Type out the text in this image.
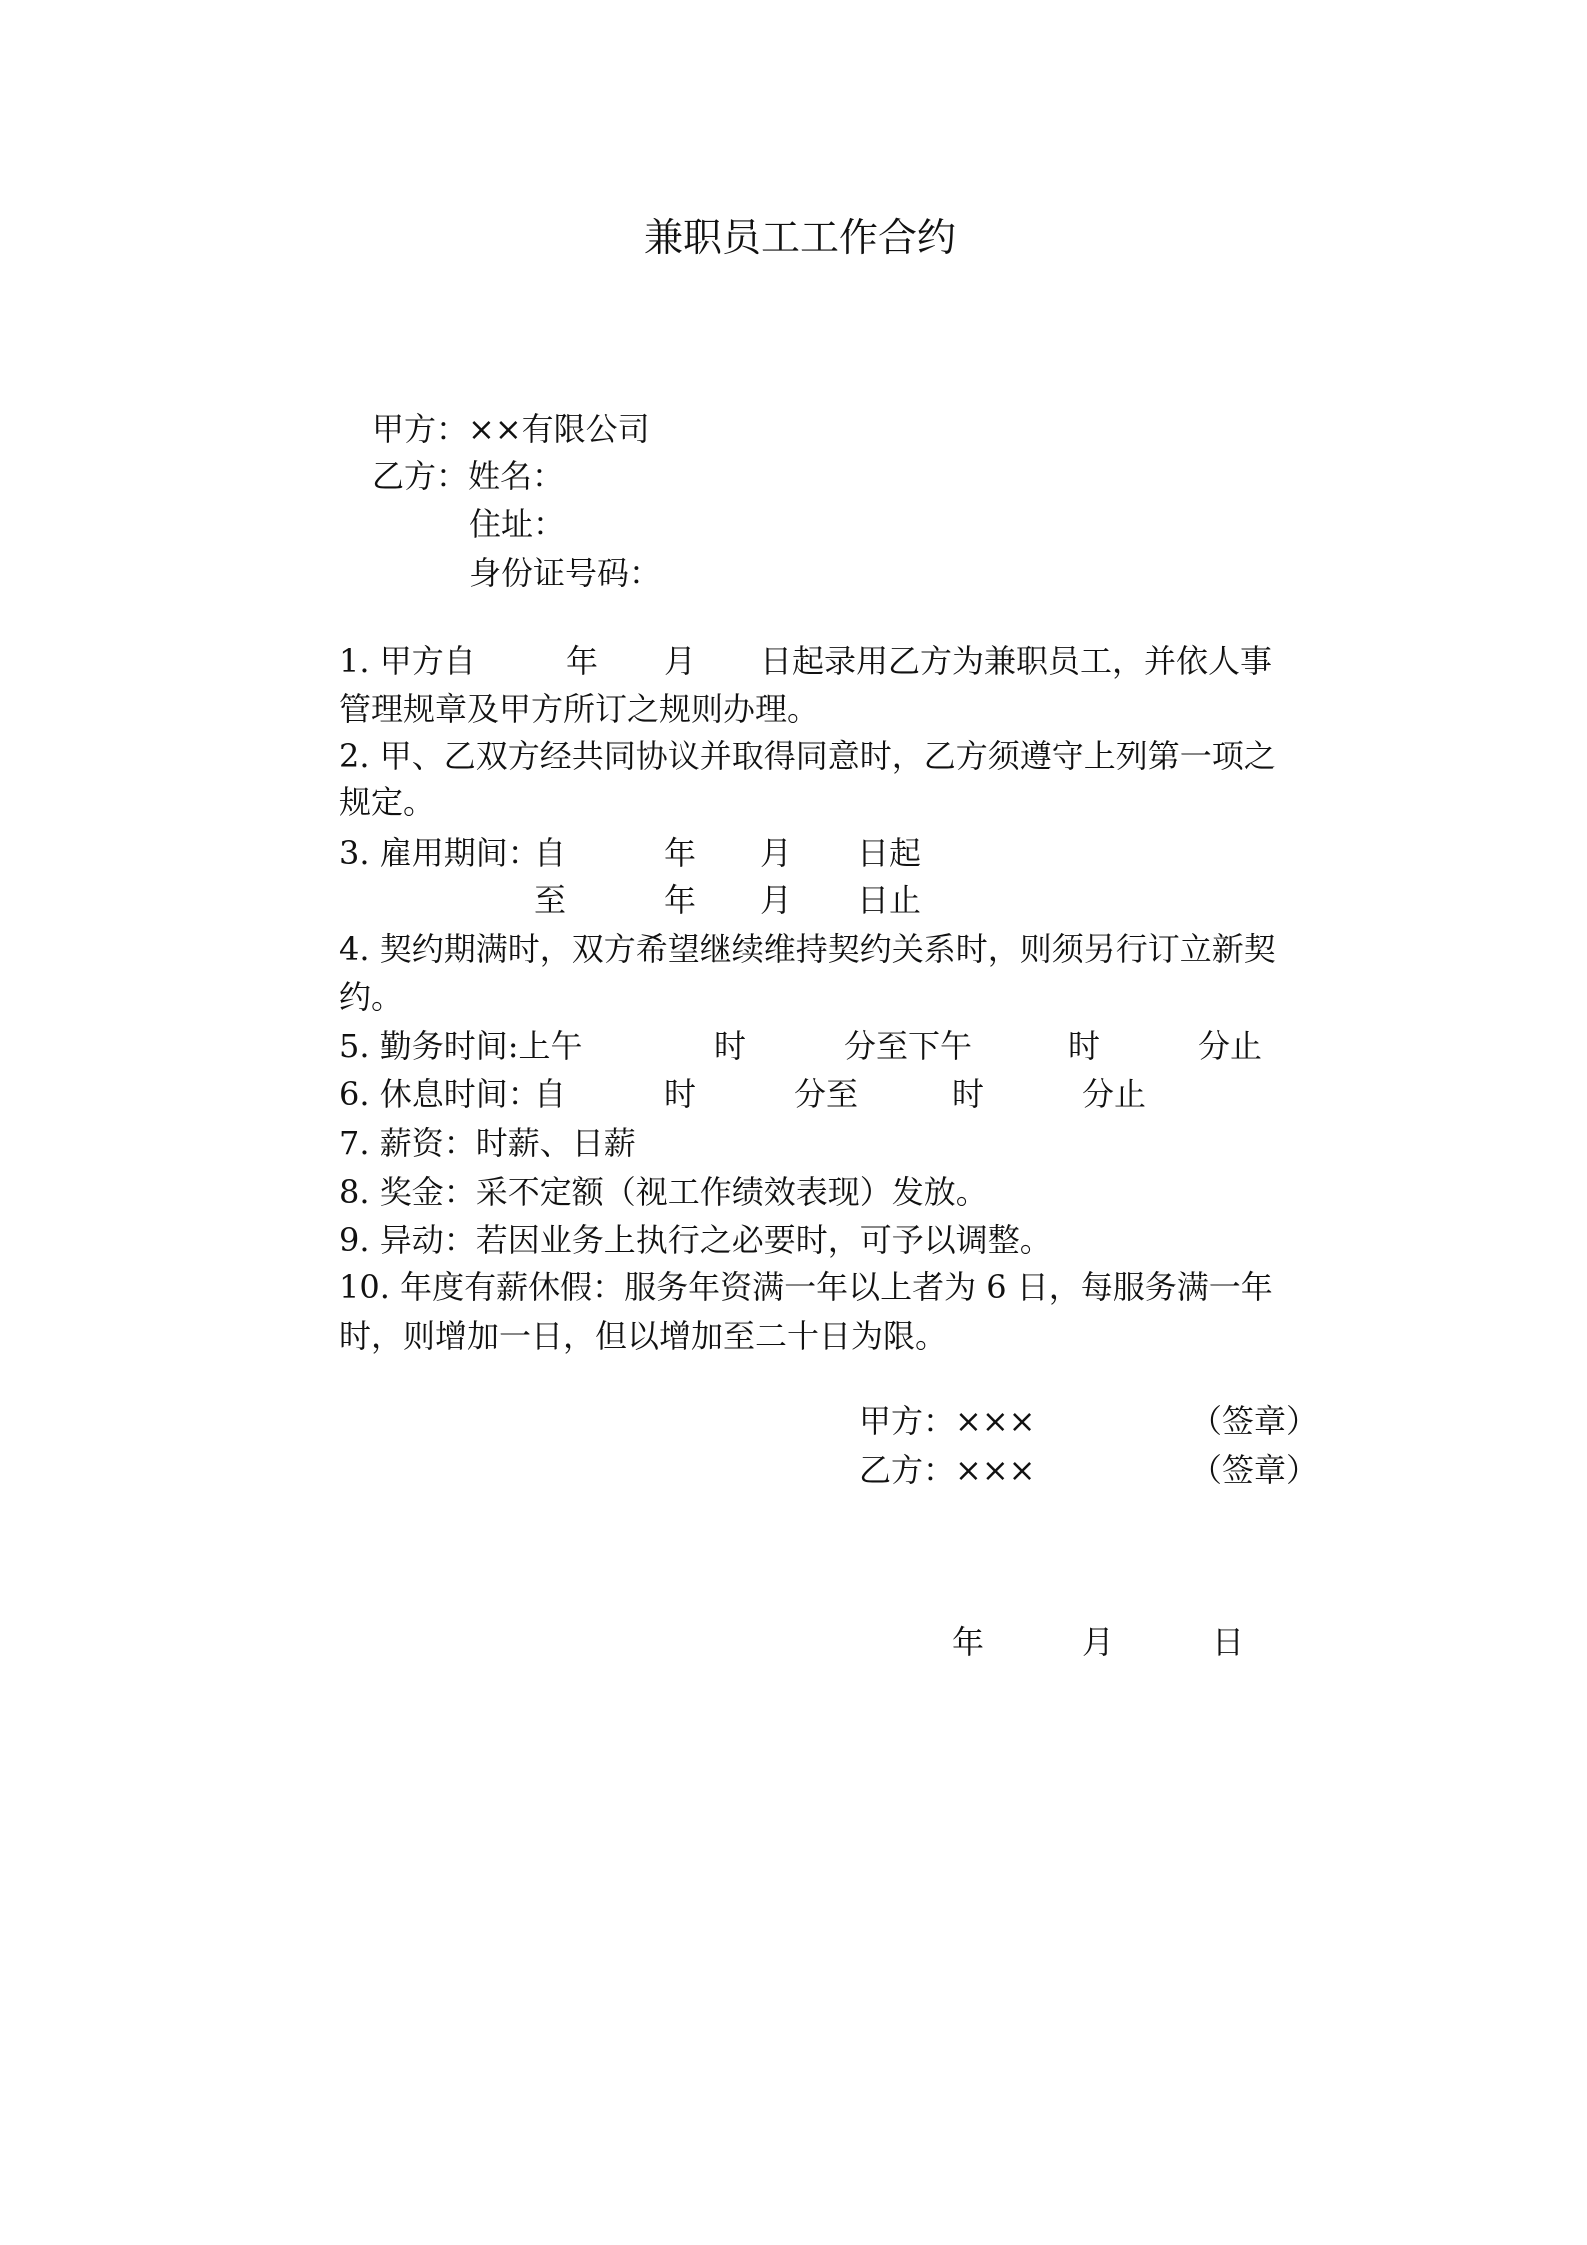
兼职员工工作合约
甲方：××有限公司
乙方：姓名：
住址：
身份证号码：
1. 甲方自	年 月 日起录用乙方为兼职员工，并依人事
管理规章及甲方所订之规则办理。
2. 甲、乙双方经共同协议并取得同意时，乙方须遵守上列第一项之
规定。
3. 雇用期间：
自	年 月 日起
至	年 月 日止
4. 契约期满时，双方希望继续维持契约关系时，则须另行订立新契
约。
5. 勤务时间:上午	时	分至下午	时	分止
6. 休息时间：
自	时	分至	时	分止
7. 薪资：时薪、日薪
8. 奖金：采不定额（视工作绩效表现）发放。
9. 异动：若因业务上执行之必要时，可予以调整。
10. 年度有薪休假：服务年资满一年以上者为 6 日，每服务满一年
时，则增加一日，但以增加至二十日为限。
甲方：×××	（签章）
乙方：×××	（签章）
年	月	日
